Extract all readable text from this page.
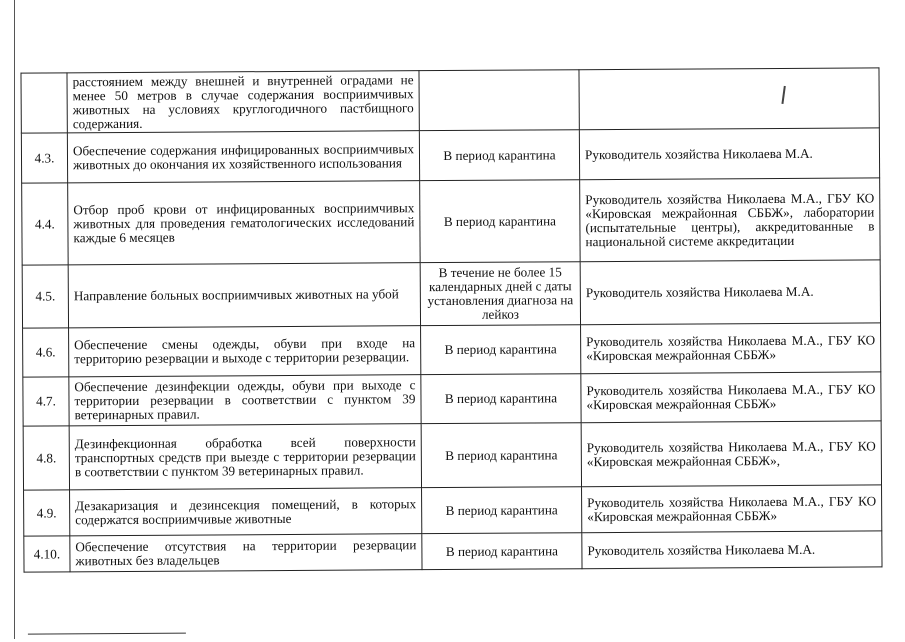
	расстоянием между внешней и внутренней оградами не менее 50 метров в случае содержания восприимчивых животных на условиях круглогодичного пастбищного содержания.		
4.3.	Обеспечение содержания инфицированных восприимчивых животных до окончания их хозяйственного использования	В период карантина	Руководитель хозяйства Николаева М.А.
4.4.	Отбор проб крови от инфицированных восприимчивых животных для проведения гематологических исследований каждые 6 месяцев	В период карантина	Руководитель хозяйства Николаева М.А., ГБУ КО «Кировская межрайонная СББЖ», лаборатории (испытательные центры), аккредитованные в национальной системе аккредитации
4.5.	Направление больных восприимчивых животных на убой	В течение не более 15 календарных дней с даты установления диагноза на лейкоз	Руководитель хозяйства Николаева М.А.
4.6.	Обеспечение смены одежды, обуви при входе на территорию резервации и выходе с территории резервации.	В период карантина	Руководитель хозяйства Николаева М.А., ГБУ КО «Кировская межрайонная СББЖ»
4.7.	Обеспечение дезинфекции одежды, обуви при выходе с территории резервации в соответствии с пунктом 39 ветеринарных правил.	В период карантина	Руководитель хозяйства Николаева М.А., ГБУ КО «Кировская межрайонная СББЖ»
4.8.	Дезинфекционная обработка всей поверхности транспортных средств при выезде с территории резервации в соответствии с пунктом 39 ветеринарных правил.	В период карантина	Руководитель хозяйства Николаева М.А., ГБУ КО «Кировская межрайонная СББЖ»,
4.9.	Дезакаризация и дезинсекция помещений, в которых содержатся восприимчивые животные	В период карантина	Руководитель хозяйства Николаева М.А., ГБУ КО «Кировская межрайонная СББЖ»
4.10.	Обеспечение отсутствия на территории резервации животных без владельцев	В период карантина	Руководитель хозяйства Николаева М.А.
